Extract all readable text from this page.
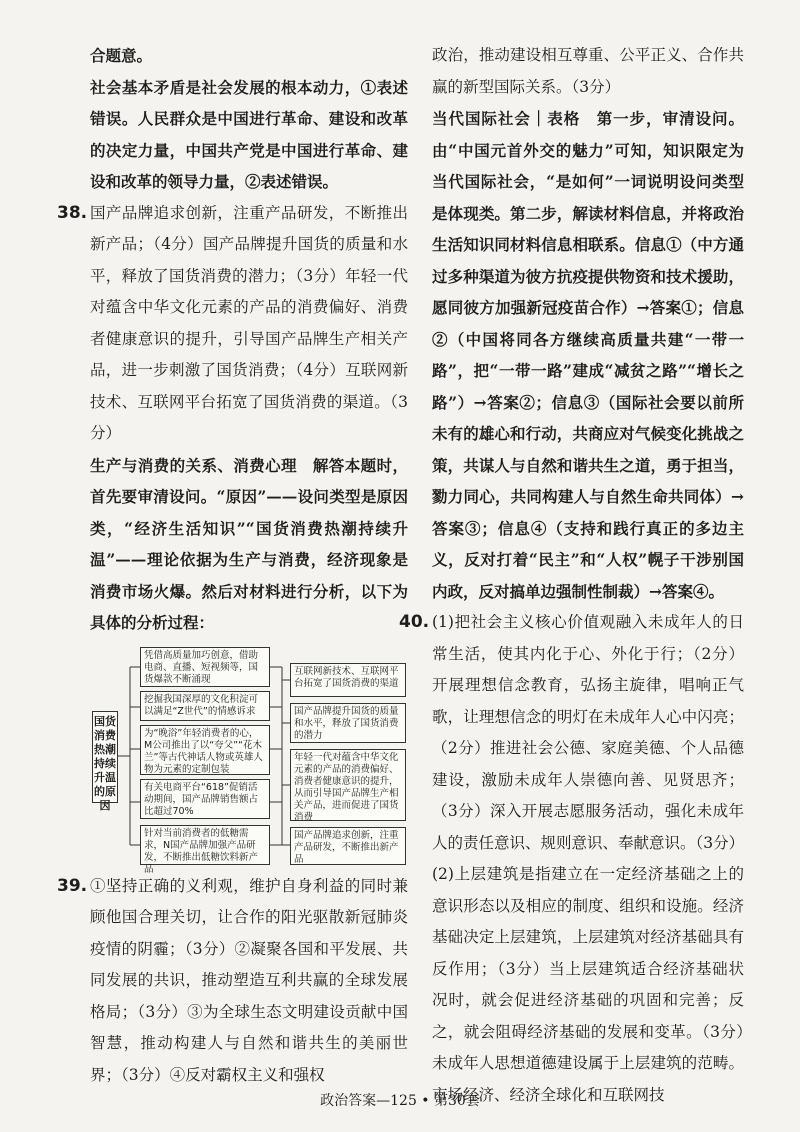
合题意。

社会基本矛盾是社会发展的根本动力，①表述错误。人民群众是中国进行革命、建设和改革的决定力量，中国共产党是中国进行革命、建设和改革的领导力量，②表述错误。

38. 国产品牌追求创新，注重产品研发，不断推出新产品；（4分）国产品牌提升国货的质量和水平，释放了国货消费的潜力；（3分）年轻一代对蕴含中华文化元素的产品的消费偏好、消费者健康意识的提升，引导国产品牌生产相关产品，进一步刺激了国货消费；（4分）互联网新技术、互联网平台拓宽了国货消费的渠道。（3分）

生产与消费的关系、消费心理　解答本题时，首先要审清设问。“原因”——设问类型是原因类，“经济生活知识”“国货消费热潮持续升温”——理论依据为生产与消费，经济现象是消费市场火爆。然后对材料进行分析，以下为具体的分析过程：

国货消费热潮持续升温的原因
凭借高质量加巧创意，借助电商、直播、短视频等，国货爆款不断涌现
挖掘我国深厚的文化积淀可以满足“Z世代”的情感诉求
为“晚浴”年轻消费者的心，M公司推出了以“夸父”“花木兰”等古代神话人物或英雄人物为元素的定制包装
有关电商平台“618”促销活动期间，国产品牌销售额占比超过70%
针对当前消费者的低糖需求，N国产品牌加强产品研发，不断推出低糖饮料新产品
互联网新技术、互联网平台拓宽了国货消费的渠道
国产品牌提升国货的质量和水平，释放了国货消费的潜力
年轻一代对蕴含中华文化元素的产品的消费偏好、消费者健康意识的提升，从而引导国产品牌生产相关产品，进而促进了国货消费
国产品牌追求创新，注重产品研发，不断推出新产品
39. ①坚持正确的义利观，维护自身利益的同时兼顾他国合理关切，让合作的阳光驱散新冠肺炎疫情的阴霾；（3分）②凝聚各国和平发展、共同发展的共识，推动塑造互利共赢的全球发展格局；（3分）③为全球生态文明建设贡献中国智慧，推动构建人与自然和谐共生的美丽世界；（3分）④反对霸权主义和强权

政治，推动建设相互尊重、公平正义、合作共赢的新型国际关系。（3分）

当代国际社会｜表格　第一步，审清设问。由“中国元首外交的魅力”可知，知识限定为当代国际社会，“是如何”一词说明设问类型是体现类。第二步，解读材料信息，并将政治生活知识同材料信息相联系。信息①（中方通过多种渠道为彼方抗疫提供物资和技术援助，愿同彼方加强新冠疫苗合作）→答案①；信息②（中国将同各方继续高质量共建“一带一路”，把“一带一路”建成“减贫之路”“增长之路”）→答案②；信息③（国际社会要以前所未有的雄心和行动，共商应对气候变化挑战之策，共谋人与自然和谐共生之道，勇于担当，勠力同心，共同构建人与自然生命共同体）→答案③；信息④（支持和践行真正的多边主义，反对打着“民主”和“人权”幌子干涉别国内政，反对搞单边强制性制裁）→答案④。

40. (1)把社会主义核心价值观融入未成年人的日常生活，使其内化于心、外化于行；（2分）开展理想信念教育，弘扬主旋律，唱响正气歌，让理想信念的明灯在未成年人心中闪亮；（2分）推进社会公德、家庭美德、个人品德建设，激励未成年人崇德向善、见贤思齐；（3分）深入开展志愿服务活动，强化未成年人的责任意识、规则意识、奉献意识。（3分）

(2)上层建筑是指建立在一定经济基础之上的意识形态以及相应的制度、组织和设施。经济基础决定上层建筑，上层建筑对经济基础具有反作用；（3分）当上层建筑适合经济基础状况时，就会促进经济基础的巩固和完善；反之，就会阻碍经济基础的发展和变革。（3分）未成年人思想道德建设属于上层建筑的范畴。市场经济、经济全球化和互联网技

政治答案—125 • 第30套
